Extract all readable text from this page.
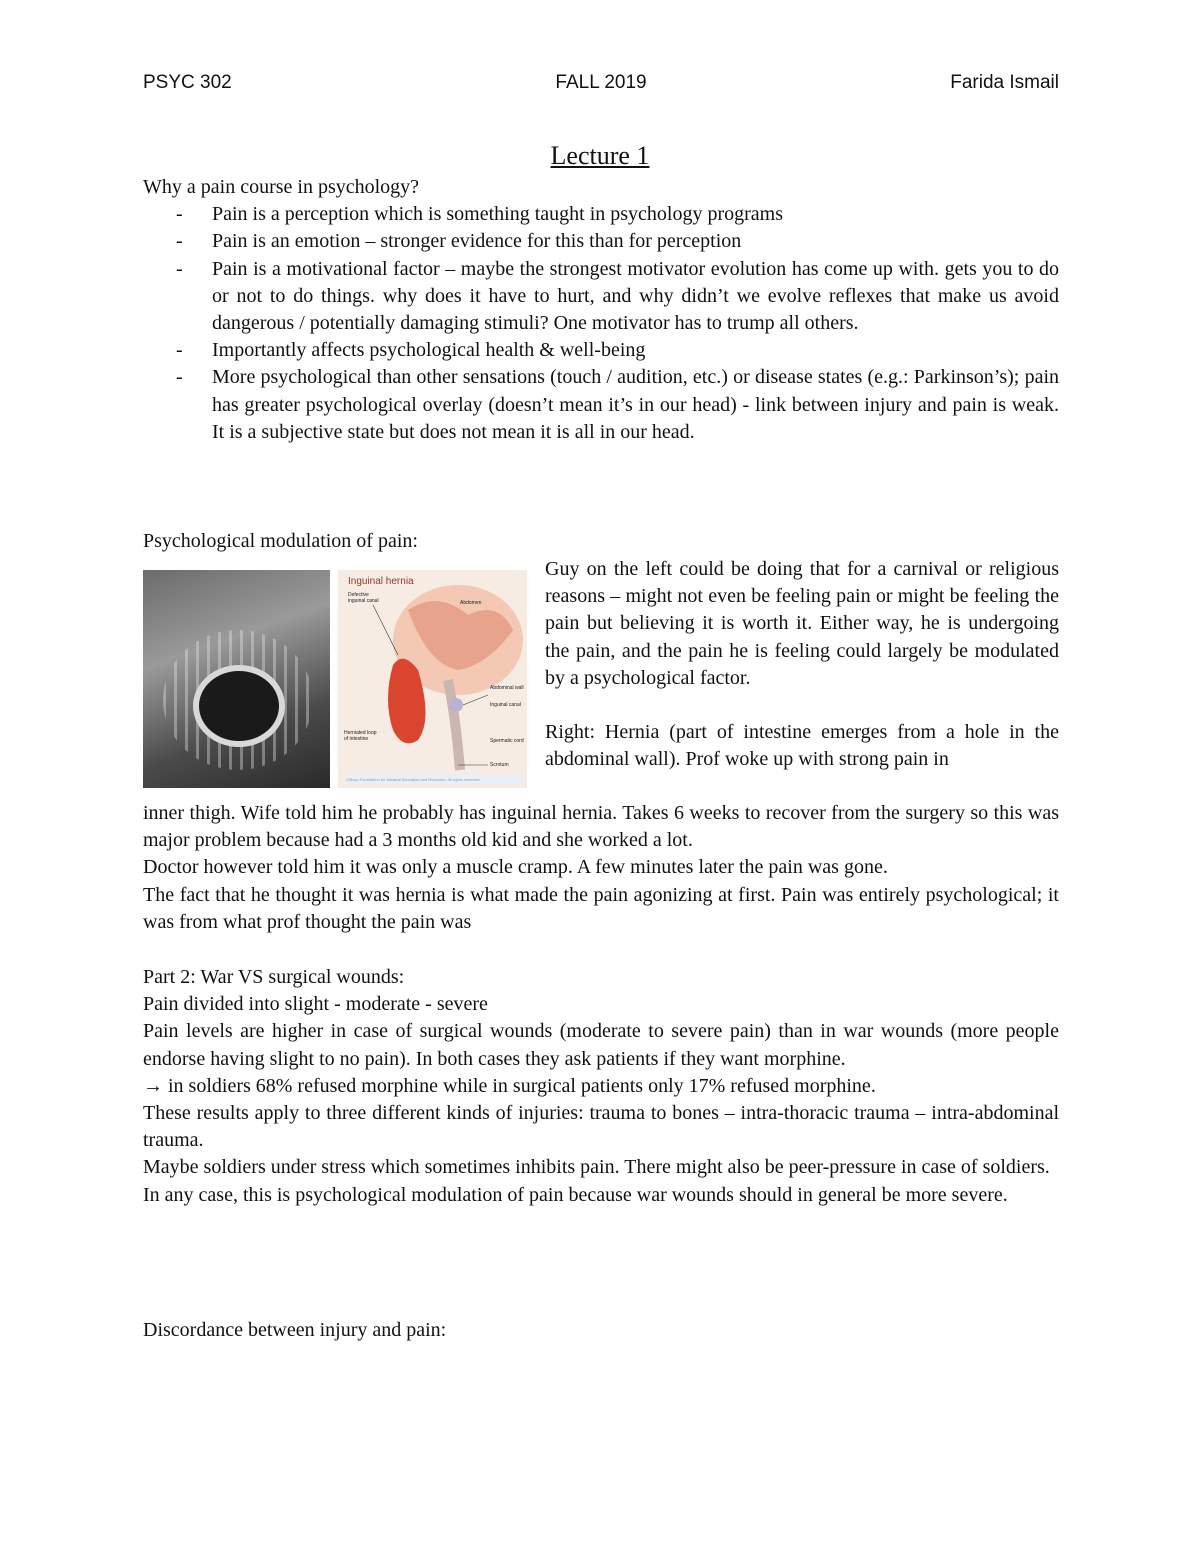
PSYC 302	FALL 2019	Farida Ismail
Lecture 1

Why a pain course in psychology?

- Pain is a perception which is something taught in psychology programs
- Pain is an emotion – stronger evidence for this than for perception
- Pain is a motivational factor – maybe the strongest motivator evolution has come up with. gets you to do or not to do things. why does it have to hurt, and why didn’t we evolve reflexes that make us avoid dangerous / potentially damaging stimuli? One motivator has to trump all others.
- Importantly affects psychological health & well-being
- More psychological than other sensations (touch / audition, etc.) or disease states (e.g.: Parkinson’s); pain has greater psychological overlay (doesn’t mean it’s in our head) - link between injury and pain is weak. It is a subjective state but does not mean it is all in our head.

Psychological modulation of pain:

Inguinal hernia
Defective inguinal canal	Abdomen
Abdominal wall
Inguinal canal
Herniated loop of intestine	Spermatic cord
Scrotum
©Mayo Foundation for Medical Education and Research. All rights reserved.

Guy on the left could be doing that for a carnival or religious reasons – might not even be feeling pain or might be feeling the pain but believing it is worth it. Either way, he is undergoing the pain, and the pain he is feeling could largely be modulated by a psychological factor.

Right: Hernia (part of intestine emerges from a hole in the abdominal wall). Prof woke up with strong pain in

inner thigh. Wife told him he probably has inguinal hernia. Takes 6 weeks to recover from the surgery so this was major problem because had a 3 months old kid and she worked a lot.

Doctor however told him it was only a muscle cramp. A few minutes later the pain was gone.

The fact that he thought it was hernia is what made the pain agonizing at first. Pain was entirely psychological; it was from what prof thought the pain was

Part 2: War VS surgical wounds:

Pain divided into slight - moderate - severe

Pain levels are higher in case of surgical wounds (moderate to severe pain) than in war wounds (more people endorse having slight to no pain). In both cases they ask patients if they want morphine.

→ in soldiers 68% refused morphine while in surgical patients only 17% refused morphine.

These results apply to three different kinds of injuries: trauma to bones – intra-thoracic trauma – intra-abdominal trauma.

Maybe soldiers under stress which sometimes inhibits pain. There might also be peer-pressure in case of soldiers.

In any case, this is psychological modulation of pain because war wounds should in general be more severe.

Discordance between injury and pain:
